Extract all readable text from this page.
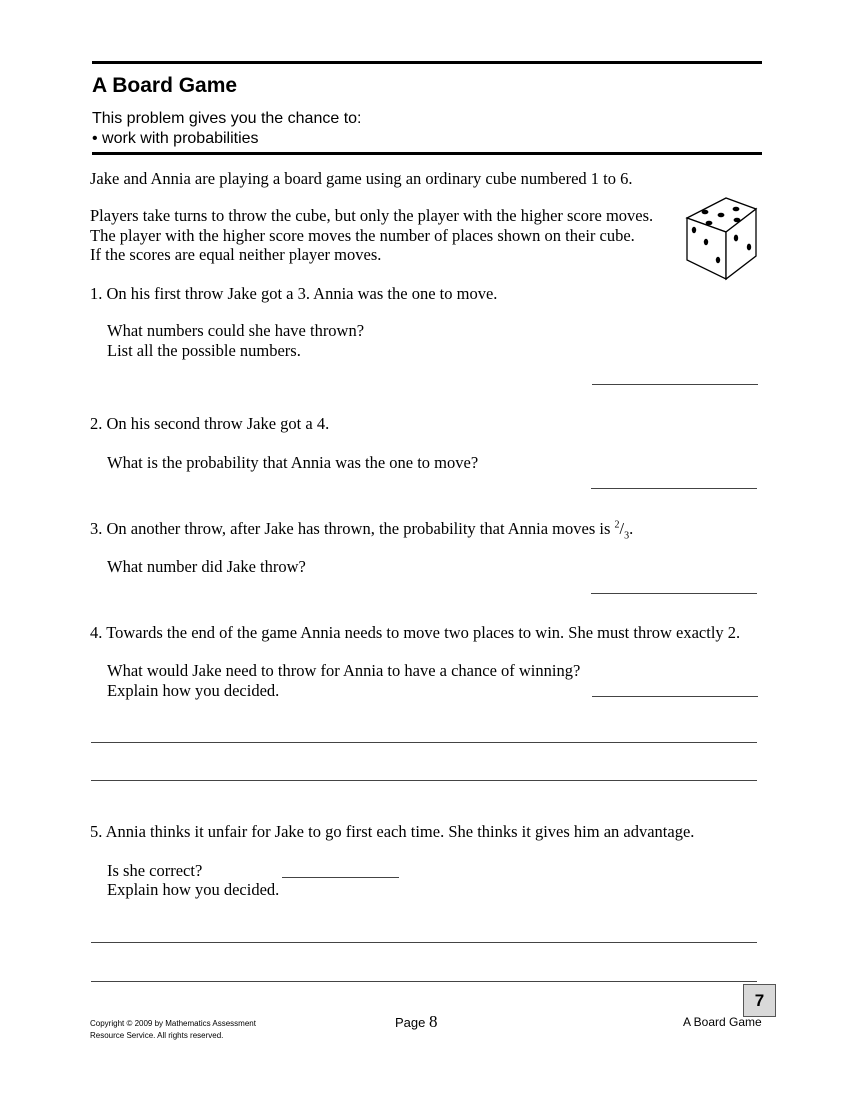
A Board Game
This problem gives you the chance to:
• work with probabilities
Jake and Annia are playing a board game using an ordinary cube numbered 1 to 6.
Players take turns to throw the cube, but only the player with the higher score moves.
The player with the higher score moves the number of places shown on their cube.
If the scores are equal neither player moves.
1. On his first throw Jake got a 3. Annia was the one to move.
What numbers could she have thrown?
List all the possible numbers.
2. On his second throw Jake got a 4.
What is the probability that Annia was the one to move?
3. On another throw, after Jake has thrown, the probability that Annia moves is $^2/_3$.
What number did Jake throw?
4. Towards the end of the game Annia needs to move two places to win. She must throw exactly 2.
What would Jake need to throw for Annia to have a chance of winning?
Explain how you decided.
5. Annia thinks it unfair for Jake to go first each time. She thinks it gives him an advantage.
Is she correct?
Explain how you decided.
Copyright © 2009 by Mathematics Assessment
Resource Service. All rights reserved.
Page 8
7
A Board Game
